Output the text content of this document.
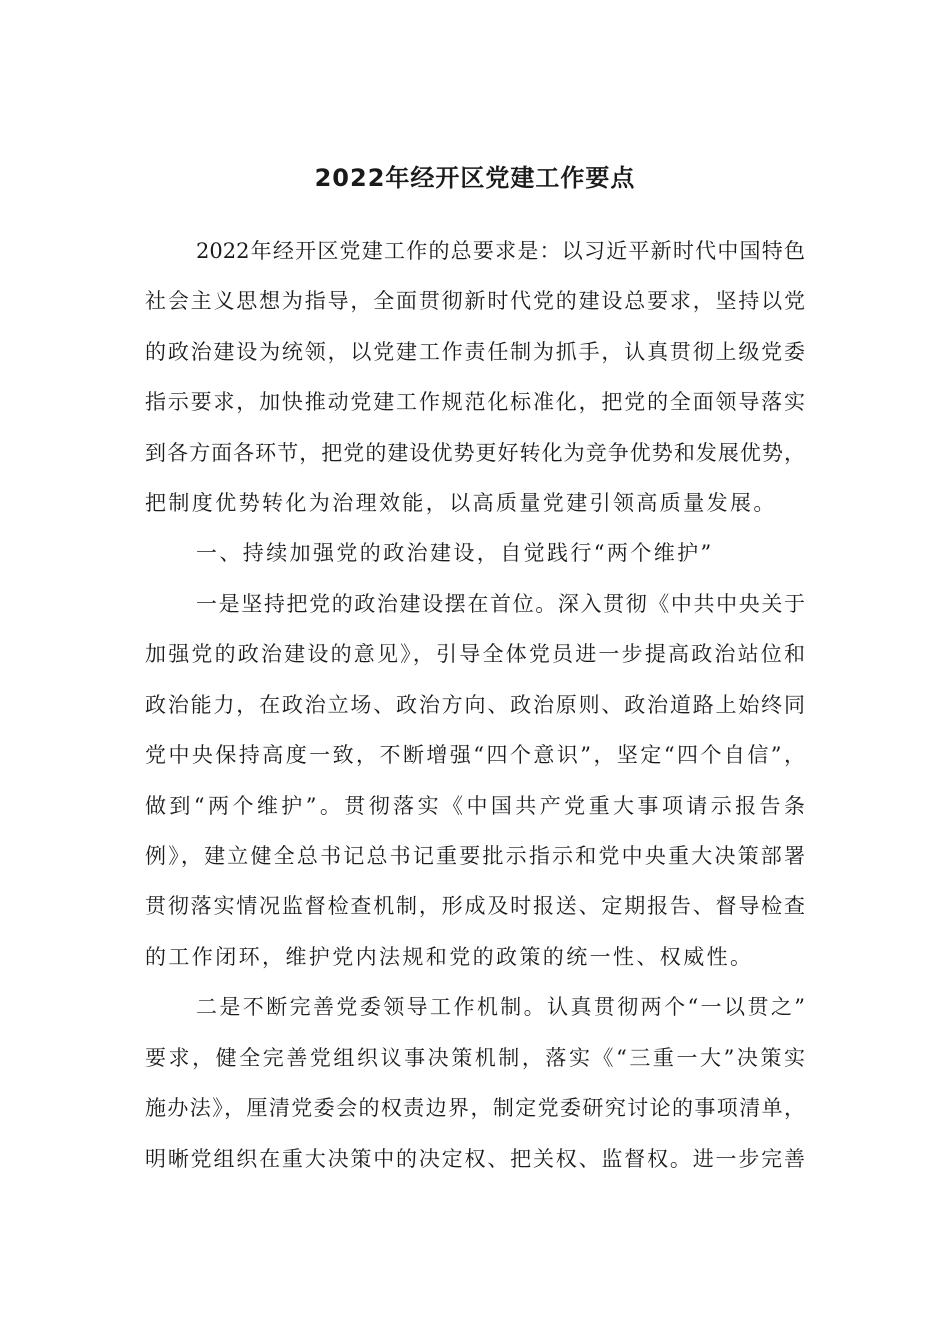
2022年经开区党建工作要点

2022年经开区党建工作的总要求是：以习近平新时代中国特色

社会主义思想为指导，全面贯彻新时代党的建设总要求，坚持以党

的政治建设为统领，以党建工作责任制为抓手，认真贯彻上级党委

指示要求，加快推动党建工作规范化标准化，把党的全面领导落实

到各方面各环节，把党的建设优势更好转化为竞争优势和发展优势，

把制度优势转化为治理效能，以高质量党建引领高质量发展。

一、持续加强党的政治建设，自觉践行“两个维护”

一是坚持把党的政治建设摆在首位。深入贯彻《中共中央关于

加强党的政治建设的意见》，引导全体党员进一步提高政治站位和

政治能力，在政治立场、政治方向、政治原则、政治道路上始终同

党中央保持高度一致，不断增强“四个意识”，坚定“四个自信”，

做到“两个维护”。贯彻落实《中国共产党重大事项请示报告条

例》，建立健全总书记总书记重要批示指示和党中央重大决策部署

贯彻落实情况监督检查机制，形成及时报送、定期报告、督导检查

的工作闭环，维护党内法规和党的政策的统一性、权威性。

二是不断完善党委领导工作机制。认真贯彻两个“一以贯之”

要求，健全完善党组织议事决策机制，落实《“三重一大”决策实

施办法》，厘清党委会的权责边界，制定党委研究讨论的事项清单，

明晰党组织在重大决策中的决定权、把关权、监督权。进一步完善
